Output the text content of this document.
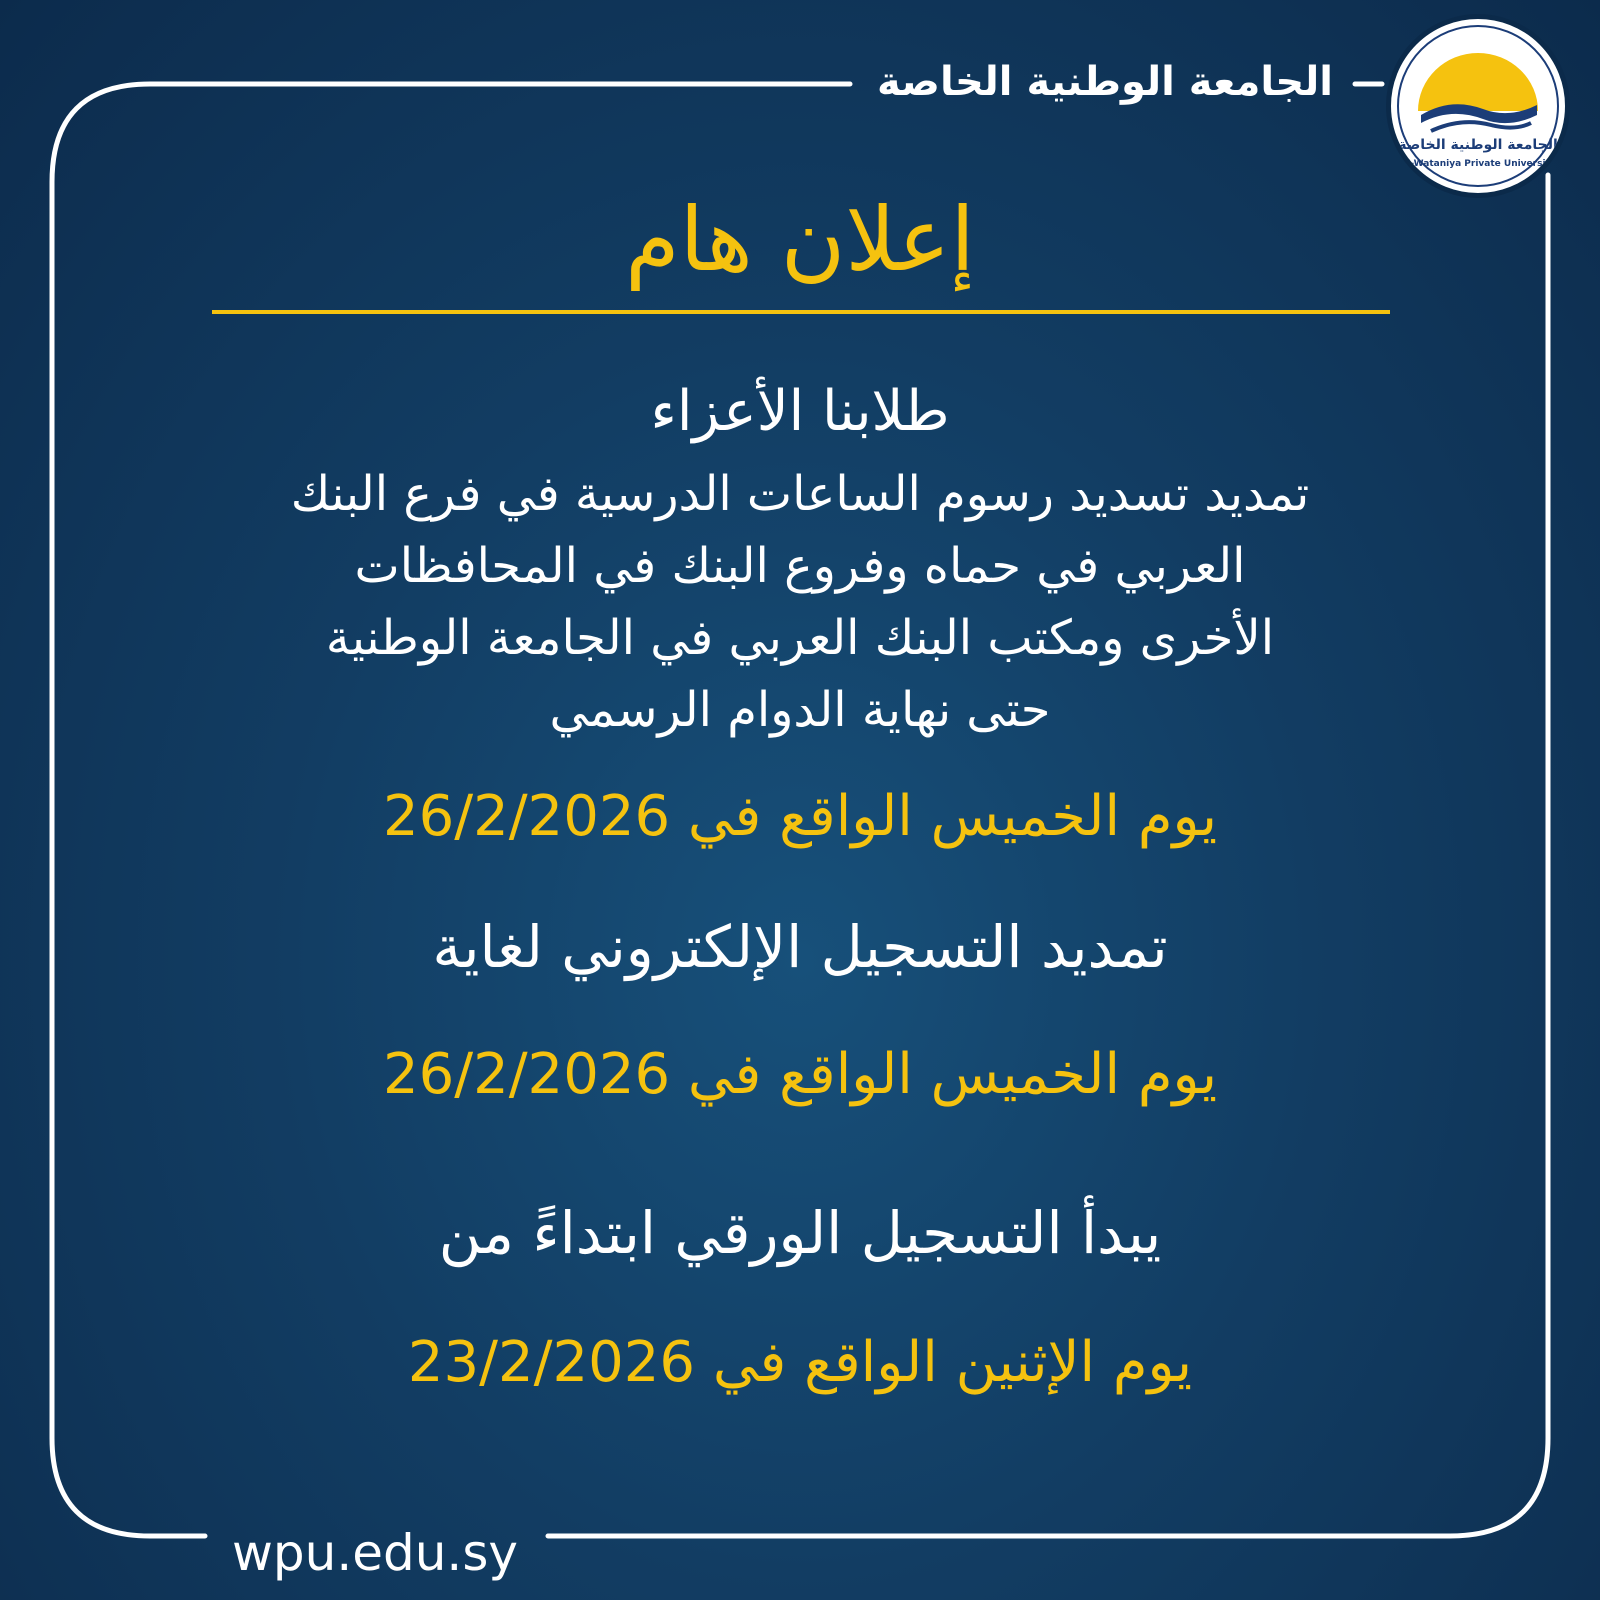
الجامعة الوطنية الخاصة
الجامعة الوطنية الخاصة
Al-Wataniya Private University
إعلان هام
طلابنا الأعزاء
تمديد تسديد رسوم الساعات الدرسية في فرع البنك
العربي في حماه وفروع البنك في المحافظات
الأخرى ومكتب البنك العربي في الجامعة الوطنية
حتى نهاية الدوام الرسمي
يوم الخميس الواقع في 26/2/2026
تمديد التسجيل الإلكتروني لغاية
يوم الخميس الواقع في 26/2/2026
يبدأ التسجيل الورقي ابتداءً من
يوم الإثنين الواقع في 23/2/2026
wpu.edu.sy
